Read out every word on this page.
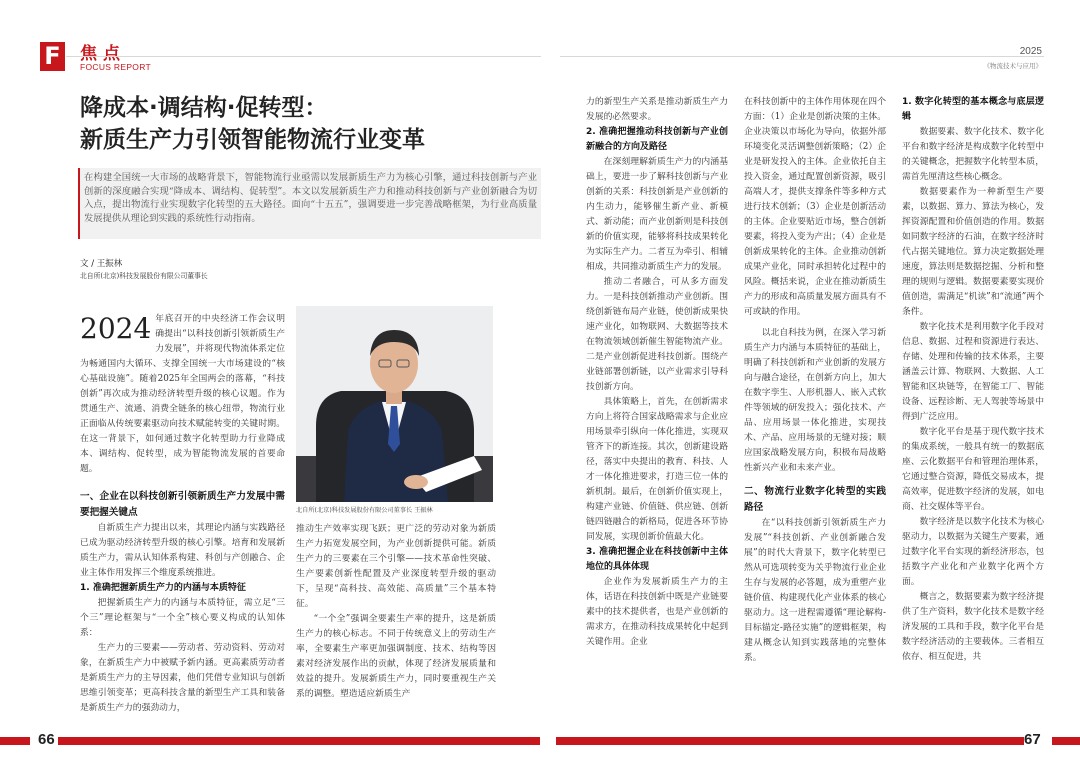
F 焦点
FOCUS REPORT
2025
《物流技术与应用》
降成本·调结构·促转型：
新质生产力引领智能物流行业变革
在构建全国统一大市场的战略背景下，智能物流行业亟需以发展新质生产力为核心引擎，通过科技创新与产业创新的深度融合实现“降成本、调结构、促转型”。本文以发展新质生产力和推动科技创新与产业创新融合为切入点，提出物流行业实现数字化转型的五大路径。面向“十五五”，强调要进一步完善战略框架，为行业高质量发展提供从理论到实践的系统性行动指南。
文 / 王振林
北自所(北京)科技发展股份有限公司董事长
2024 年底召开的中央经济工作会议明确提出“以科技创新引领新质生产力发展”，并将现代物流体系定位为畅通国内大循环、支撑全国统一大市场建设的“核心基础设施”。随着2025年全国两会的落幕，“科技创新”再次成为推动经济转型升级的核心议题。作为贯通生产、流通、消费全链条的核心纽带，物流行业正面临从传统要素驱动向技术赋能转变的关键时期。在这一背景下，如何通过数字化转型助力行业降成本、调结构、促转型，成为智能物流发展的首要命题。

一、企业在以科技创新引领新质生产力发展中需要把握关键点

自新质生产力提出以来，其理论内涵与实践路径已成为驱动经济转型升级的核心引擎。培育和发展新质生产力，需从认知体系构建、科创与产创融合、企业主体作用发挥三个维度系统推进。

1. 准确把握新质生产力的内涵与本质特征

把握新质生产力的内涵与本质特征，需立足“三个三”理论框架与“一个全”核心要义构成的认知体系：

生产力的三要素——劳动者、劳动资料、劳动对象，在新质生产力中被赋予新内涵。更高素质劳动者是新质生产力的主导因素，他们凭借专业知识与创新思维引领变革；更高科技含量的新型生产工具和装备是新质生产力的强劲动力，

北自所(北京)科技发展股份有限公司董事长 王振林

推动生产效率实现飞跃；更广泛的劳动对象为新质生产力拓宽发展空间，为产业创新提供可能。新质生产力的三要素在三个引擎——技术革命性突破、生产要素创新性配置及产业深度转型升级的驱动下，呈现“高科技、高效能、高质量”三个基本特征。

“一个全”强调全要素生产率的提升，这是新质生产力的核心标志。不同于传统意义上的劳动生产率，全要素生产率更加强调制度、技术、结构等因素对经济发展作出的贡献，体现了经济发展质量和效益的提升。发展新质生产力，同时要重视生产关系的调整。塑造适应新质生产

力的新型生产关系是推动新质生产力发展的必然要求。

2. 准确把握推动科技创新与产业创新融合的方向及路径

在深刻理解新质生产力的内涵基础上，要进一步了解科技创新与产业创新的关系：科技创新是产业创新的内生动力，能够催生新产业、新模式、新动能；而产业创新则是科技创新的价值实现，能够将科技成果转化为实际生产力。二者互为牵引、相辅相成，共同推动新质生产力的发展。

推动二者融合，可从多方面发力。一是科技创新推动产业创新。围绕创新链布局产业链，使创新成果快速产业化，如物联网、大数据等技术在物流领域创新催生智能物流产业。二是产业创新促进科技创新。围绕产业链部署创新链，以产业需求引导科技创新方向。

具体策略上，首先，在创新需求方向上将符合国家战略需求与企业应用场景牵引纵向一体化推进，实现双管齐下的新连接。其次，创新建设路径，落实中央提出的教育、科技、人才一体化推进要求，打造三位一体的新机制。最后，在创新价值实现上，构建产业链、价值链、供应链、创新链四链融合的新格局，促进各环节协同发展，实现创新价值最大化。

3. 准确把握企业在科技创新中主体地位的具体体现

企业作为发展新质生产力的主体，话语在科技创新中既是产业链要素中的技术提供者，也是产业创新的需求方，在推动科技成果转化中起到关键作用。企业

在科技创新中的主体作用体现在四个方面：（1）企业是创新决策的主体。企业决策以市场化为导向，依据外部环境变化灵活调整创新策略；（2）企业是研发投入的主体。企业依托自主投入资金，通过配置创新资源，吸引高端人才，提供支撑条件等多种方式进行技术创新；（3）企业是创新活动的主体。企业要贴近市场，整合创新要素，将投入变为产出；（4）企业是创新成果转化的主体。企业推动创新成果产业化，同时承担转化过程中的风险。概括来说，企业在推动新质生产力的形成和高质量发展方面具有不可或缺的作用。

以北自科技为例，在深入学习新质生产力内涵与本质特征的基础上，明确了科技创新和产业创新的发展方向与融合途径，在创新方向上，加大在数字孪生、人形机器人、嵌入式软件等领域的研发投入；强化技术、产品、应用场景一体化推进，实现技术、产品、应用场景的无缝对接；顺应国家战略发展方向，积极布局战略性新兴产业和未来产业。

二、物流行业数字化转型的实践路径

在“以科技创新引领新质生产力发展”“科技创新、产业创新融合发展”的时代大背景下，数字化转型已然从可选项转变为关乎物流行业企业生存与发展的必答题，成为重塑产业链价值、构建现代化产业体系的核心驱动力。这一进程需遵循“理论解构-目标锚定-路径实施”的逻辑框架，构建从概念认知到实践落地的完整体系。

1. 数字化转型的基本概念与底层逻辑

数据要素、数字化技术、数字化平台和数字经济是构成数字化转型中的关键概念，把握数字化转型本质，需首先厘清这些核心概念。

数据要素作为一种新型生产要素，以数据、算力、算法为核心，发挥资源配置和价值创造的作用。数据如同数字经济的石油，在数字经济时代占据关键地位。算力决定数据处理速度，算法则是数据挖掘、分析和整理的规则与逻辑。数据要素要实现价值创造，需满足“机读”和“流通”两个条件。

数字化技术是利用数字化手段对信息、数据、过程和资源进行表达、存储、处理和传输的技术体系，主要涵盖云计算、物联网、大数据、人工智能和区块链等，在智能工厂、智能设备、远程诊断、无人驾驶等场景中得到广泛应用。

数字化平台是基于现代数字技术的集成系统，一般具有统一的数据底座、云化数据平台和管理治理体系，它通过整合资源，降低交易成本，提高效率，促进数字经济的发展，如电商、社交媒体等平台。

数字经济是以数字化技术为核心驱动力，以数据为关键生产要素，通过数字化平台实现的新经济形态，包括数字产业化和产业数字化两个方面。

概言之，数据要素为数字经济提供了生产资料，数字化技术是数字经济发展的工具和手段，数字化平台是数字经济活动的主要载体。三者相互依存、相互促进，共

66	67
